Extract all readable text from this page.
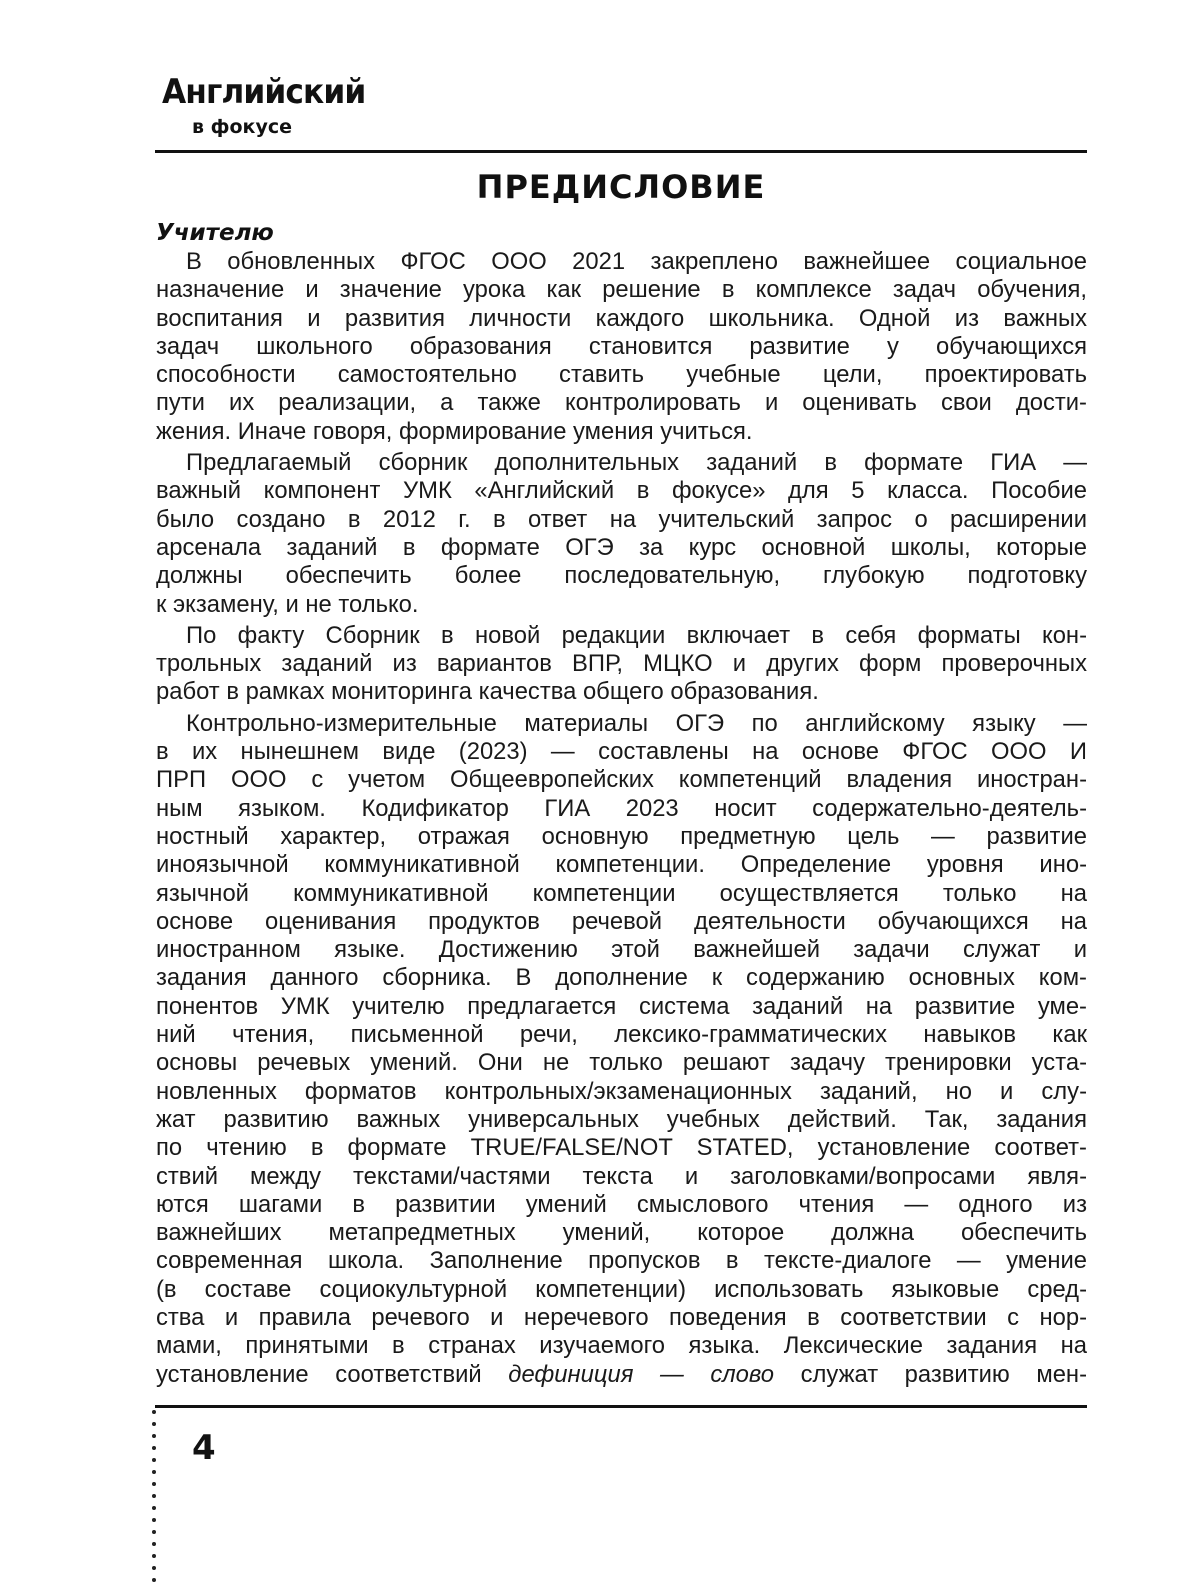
Английский
в фокусе
ПРЕДИСЛОВИЕ
Учителю
В обновленных ФГОС ООО 2021 закреплено важнейшее социальное
назначение и значение урока как решение в комплексе задач обучения,
воспитания и развития личности каждого школьника. Одной из важных
задач школьного образования становится развитие у обучающихся
способности самостоятельно ставить учебные цели, проектировать
пути их реализации, а также контролировать и оценивать свои дости-
жения. Иначе говоря, формирование умения учиться.
Предлагаемый сборник дополнительных заданий в формате ГИА —
важный компонент УМК «Английский в фокусе» для 5 класса. Пособие
было создано в 2012 г. в ответ на учительский запрос о расширении
арсенала заданий в формате ОГЭ за курс основной школы, которые
должны обеспечить более последовательную, глубокую подготовку
к экзамену, и не только.
По факту Сборник в новой редакции включает в себя форматы кон-
трольных заданий из вариантов ВПР, МЦКО и других форм проверочных
работ в рамках мониторинга качества общего образования.
Контрольно-измерительные материалы ОГЭ по английскому языку —
в их нынешнем виде (2023) — составлены на основе ФГОС ООО И
ПРП ООО с учетом Общеевропейских компетенций владения иностран-
ным языком. Кодификатор ГИА 2023 носит содержательно-деятель-
ностный характер, отражая основную предметную цель — развитие
иноязычной коммуникативной компетенции. Определение уровня ино-
язычной коммуникативной компетенции осуществляется только на
основе оценивания продуктов речевой деятельности обучающихся на
иностранном языке. Достижению этой важнейшей задачи служат и
задания данного сборника. В дополнение к содержанию основных ком-
понентов УМК учителю предлагается система заданий на развитие уме-
ний чтения, письменной речи, лексико-грамматических навыков как
основы речевых умений. Они не только решают задачу тренировки уста-
новленных форматов контрольных/экзаменационных заданий, но и слу-
жат развитию важных универсальных учебных действий. Так, задания
по чтению в формате TRUE/FALSE/NOT STATED, установление соответ-
ствий между текстами/частями текста и заголовками/вопросами явля-
ются шагами в развитии умений смыслового чтения — одного из
важнейших метапредметных умений, которое должна обеспечить
современная школа. Заполнение пропусков в тексте-диалоге — умение
(в составе социокультурной компетенции) использовать языковые сред-
ства и правила речевого и неречевого поведения в соответствии с нор-
мами, принятыми в странах изучаемого языка. Лексические задания на
установление соответствий дефиниция — слово служат развитию мен-
4
